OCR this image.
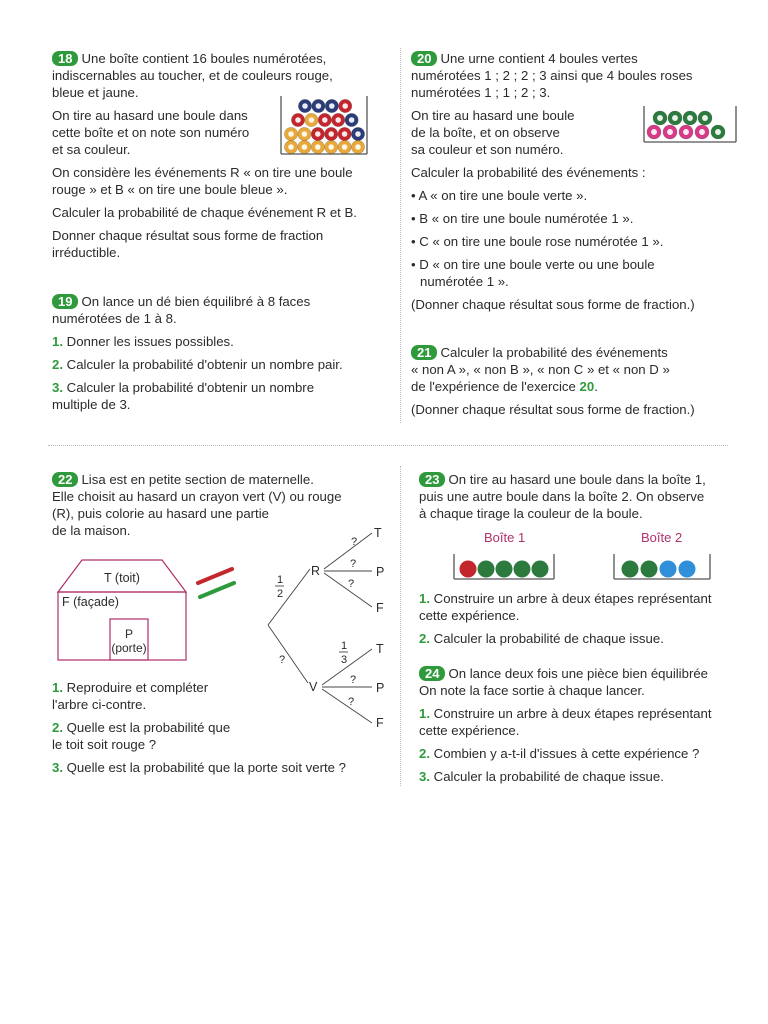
18 Une boîte contient 16 boules numérotées,

indiscernables au toucher, et de couleurs rouge,

bleue et jaune.

On tire au hasard une boule dans

cette boîte et on note son numéro

et sa couleur.

On considère les événements R « on tire une boule

rouge » et B « on tire une boule bleue ».

Calculer la probabilité de chaque événement R et B.

Donner chaque résultat sous forme de fraction

irréductible.

19 On lance un dé bien équilibré à 8 faces

numérotées de 1 à 8.

1. Donner les issues possibles.

2. Calculer la probabilité d'obtenir un nombre pair.

3. Calculer la probabilité d'obtenir un nombre

multiple de 3.

20 Une urne contient 4 boules vertes

numérotées 1 ; 2 ; 2 ; 3 ainsi que 4 boules roses

numérotées 1 ; 1 ; 2 ; 3.

On tire au hasard une boule

de la boîte, et on observe

sa couleur et son numéro.

Calculer la probabilité des événements :

• A « on tire une boule verte ».

• B « on tire une boule numérotée 1 ».

• C « on tire une boule rose numérotée 1 ».

• D « on tire une boule verte ou une boule

numérotée 1 ».

(Donner chaque résultat sous forme de fraction.)

21 Calculer la probabilité des événements

« non A », « non B », « non C » et « non D »

de l'expérience de l'exercice 20.

(Donner chaque résultat sous forme de fraction.)

22 Lisa est en petite section de maternelle.

Elle choisit au hasard un crayon vert (V) ou rouge

(R), puis colorie au hasard une partie

de la maison.

T (toit)
F (façade)
P
(porte)
R
V
T
P
F
T
P
F
1
2
?
?
?
?
1
3
?
?

1. Reproduire et compléter

l'arbre ci-contre.

2. Quelle est la probabilité que

le toit soit rouge ?

3. Quelle est la probabilité que la porte soit verte ?

23 On tire au hasard une boule dans la boîte 1,

puis une autre boule dans la boîte 2. On observe

à chaque tirage la couleur de la boule.

Boîte 1	Boîte 2

1. Construire un arbre à deux étapes représentant

cette expérience.

2. Calculer la probabilité de chaque issue.

24 On lance deux fois une pièce bien équilibrée

On note la face sortie à chaque lancer.

1. Construire un arbre à deux étapes représentant

cette expérience.

2. Combien y a-t-il d'issues à cette expérience ?

3. Calculer la probabilité de chaque issue.
